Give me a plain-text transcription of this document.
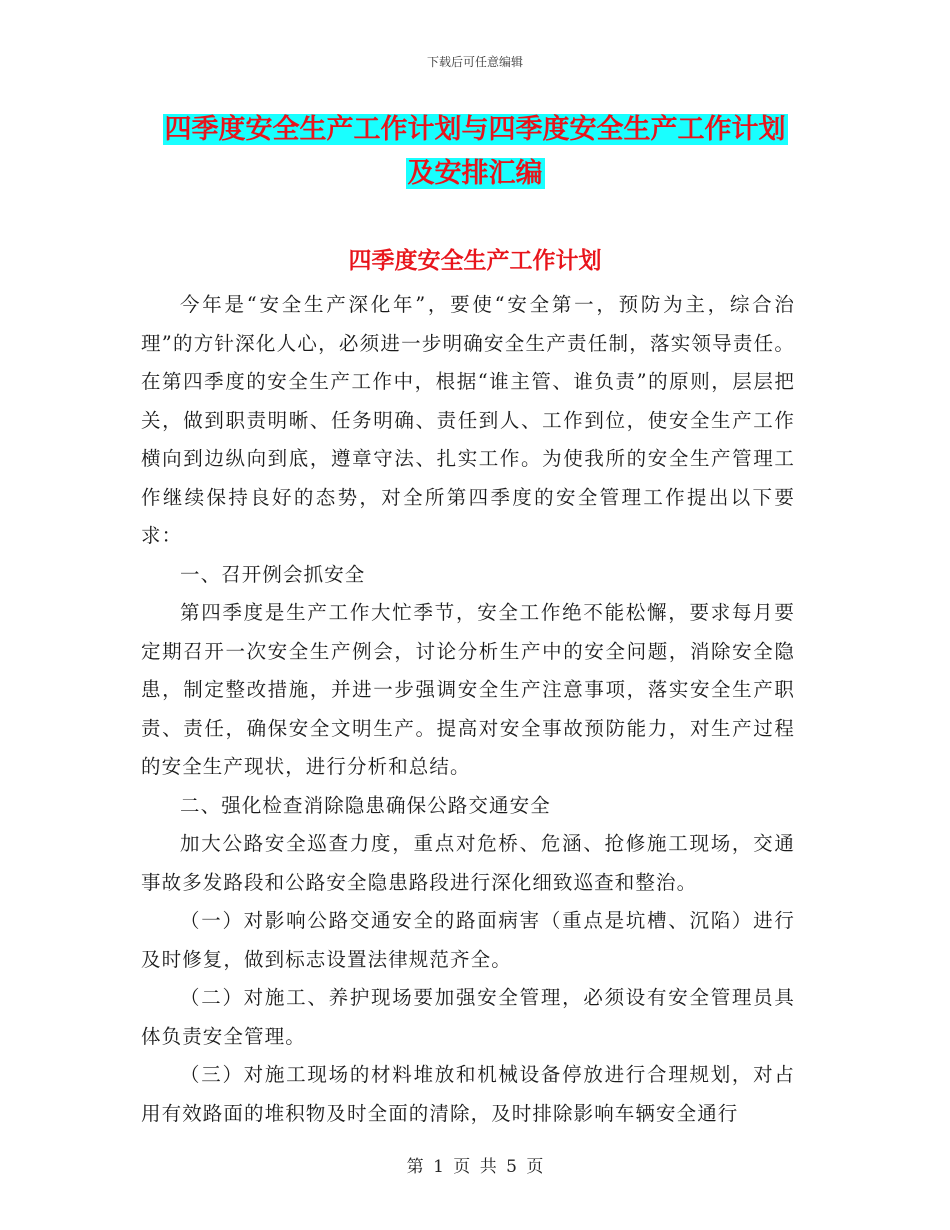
下载后可任意编辑
四季度安全生产工作计划与四季度安全生产工作计划
及安排汇编
四季度安全生产工作计划

今年是“安全生产深化年”，要使“安全第一，预防为主，综合治理”的方针深化人心，必须进一步明确安全生产责任制，落实领导责任。在第四季度的安全生产工作中，根据“谁主管、谁负责”的原则，层层把关，做到职责明晰、任务明确、责任到人、工作到位，使安全生产工作横向到边纵向到底，遵章守法、扎实工作。为使我所的安全生产管理工作继续保持良好的态势，对全所第四季度的安全管理工作提出以下要求：

一、召开例会抓安全

第四季度是生产工作大忙季节，安全工作绝不能松懈，要求每月要定期召开一次安全生产例会，讨论分析生产中的安全问题，消除安全隐患，制定整改措施，并进一步强调安全生产注意事项，落实安全生产职责、责任，确保安全文明生产。提高对安全事故预防能力，对生产过程的安全生产现状，进行分析和总结。

二、强化检查消除隐患确保公路交通安全

加大公路安全巡查力度，重点对危桥、危涵、抢修施工现场，交通事故多发路段和公路安全隐患路段进行深化细致巡查和整治。

（一）对影响公路交通安全的路面病害（重点是坑槽、沉陷）进行及时修复，做到标志设置法律规范齐全。

（二）对施工、养护现场要加强安全管理，必须设有安全管理员具体负责安全管理。

（三）对施工现场的材料堆放和机械设备停放进行合理规划，对占用有效路面的堆积物及时全面的清除，及时排除影响车辆安全通行

第 1 页 共 5 页
